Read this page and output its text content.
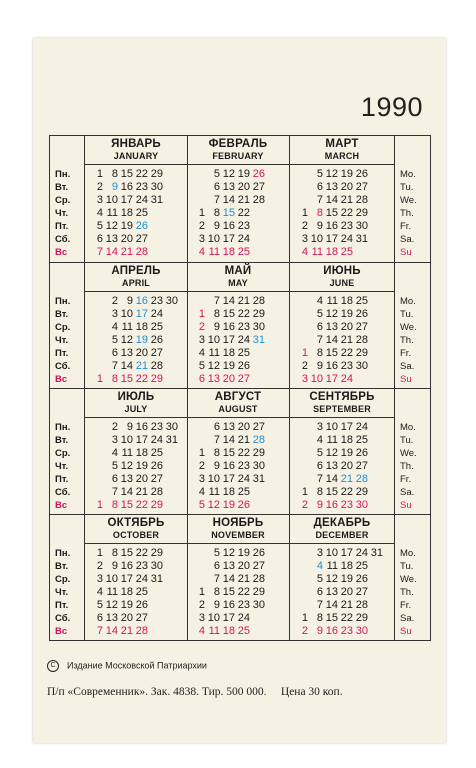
1990
Пн.
Вт.
Ср.
Чт.
Пт.
Сб.
Вс
ЯНВАРЬ
JANUARY
1 8 15 22 29
2 9 16 23 30
3 10 17 24 31
4 11 18 25
5 12 19 26
6 13 20 27
7 14 21 28
ФЕВРАЛЬ
FEBRUARY
5 12 19 26
6 13 20 27
7 14 21 28
1 8 15 22
2 9 16 23
3 10 17 24
4 11 18 25
МАРТ
MARCH
5 12 19 26
6 13 20 27
7 14 21 28
1 8 15 22 29
2 9 16 23 30
3 10 17 24 31
4 11 18 25
Mo.
Tu.
We.
Th.
Fr.
Sa.
Su
Пн.
Вт.
Ср.
Чт.
Пт.
Сб.
Вс
АПРЕЛЬ
APRIL
2 9 16 23 30
3 10 17 24
4 11 18 25
5 12 19 26
6 13 20 27
7 14 21 28
1 8 15 22 29
МАЙ
MAY
7 14 21 28
1 8 15 22 29
2 9 16 23 30
3 10 17 24 31
4 11 18 25
5 12 19 26
6 13 20 27
ИЮНЬ
JUNE
4 11 18 25
5 12 19 26
6 13 20 27
7 14 21 28
1 8 15 22 29
2 9 16 23 30
3 10 17 24
Mo.
Tu.
We.
Th.
Fr.
Sa.
Su
Пн.
Вт.
Ср.
Чт.
Пт.
Сб.
Вс
ИЮЛЬ
JULY
2 9 16 23 30
3 10 17 24 31
4 11 18 25
5 12 19 26
6 13 20 27
7 14 21 28
1 8 15 22 29
АВГУСТ
AUGUST
6 13 20 27
7 14 21 28
1 8 15 22 29
2 9 16 23 30
3 10 17 24 31
4 11 18 25
5 12 19 26
СЕНТЯБРЬ
SEPTEMBER
3 10 17 24
4 11 18 25
5 12 19 26
6 13 20 27
7 14 21 28
1 8 15 22 29
2 9 16 23 30
Mo.
Tu.
We.
Th.
Fr.
Sa.
Su
Пн.
Вт.
Ср.
Чт.
Пт.
Сб.
Вс
ОКТЯБРЬ
OCTOBER
1 8 15 22 29
2 9 16 23 30
3 10 17 24 31
4 11 18 25
5 12 19 26
6 13 20 27
7 14 21 28
НОЯБРЬ
NOVEMBER
5 12 19 26
6 13 20 27
7 14 21 28
1 8 15 22 29
2 9 16 23 30
3 10 17 24
4 11 18 25
ДЕКАБРЬ
DECEMBER
3 10 17 24 31
4 11 18 25
5 12 19 26
6 13 20 27
7 14 21 28
1 8 15 22 29
2 9 16 23 30
Mo.
Tu.
We.
Th.
Fr.
Sa.
Su
C Издание Московской Патриархии
П/п «Современник». Зак. 4838. Тир. 500 000.     Цена 30 коп.
